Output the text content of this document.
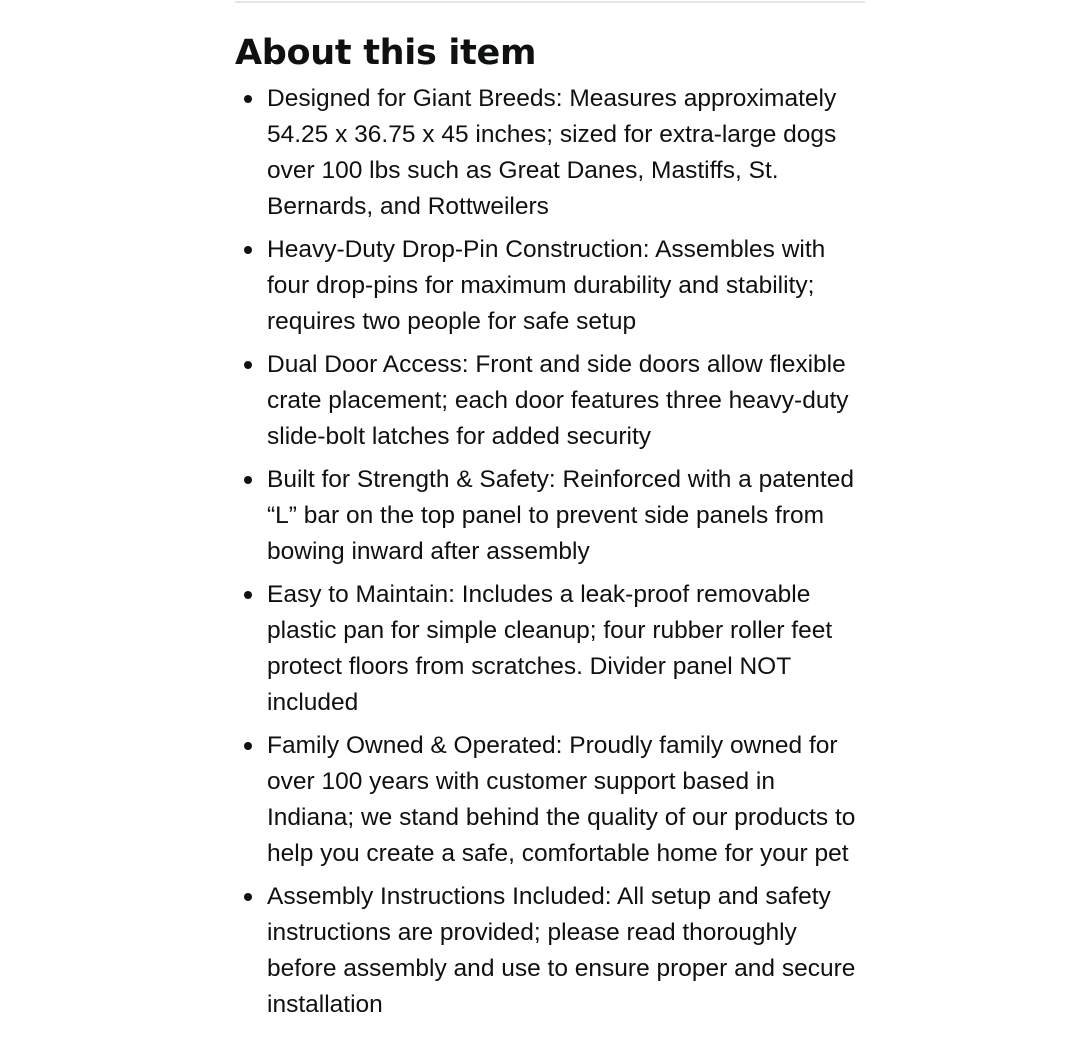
About this item
Designed for Giant Breeds: Measures approximately 54.25 x 36.75 x 45 inches; sized for extra-large dogs over 100 lbs such as Great Danes, Mastiffs, St. Bernards, and Rottweilers
Heavy-Duty Drop-Pin Construction: Assembles with four drop-pins for maximum durability and stability; requires two people for safe setup
Dual Door Access: Front and side doors allow flexible crate placement; each door features three heavy-duty slide-bolt latches for added security
Built for Strength & Safety: Reinforced with a patented “L” bar on the top panel to prevent side panels from bowing inward after assembly
Easy to Maintain: Includes a leak-proof removable plastic pan for simple cleanup; four rubber roller feet protect floors from scratches. Divider panel NOT included
Family Owned & Operated: Proudly family owned for over 100 years with customer support based in Indiana; we stand behind the quality of our products to help you create a safe, comfortable home for your pet
Assembly Instructions Included: All setup and safety instructions are provided; please read thoroughly before assembly and use to ensure proper and secure installation
